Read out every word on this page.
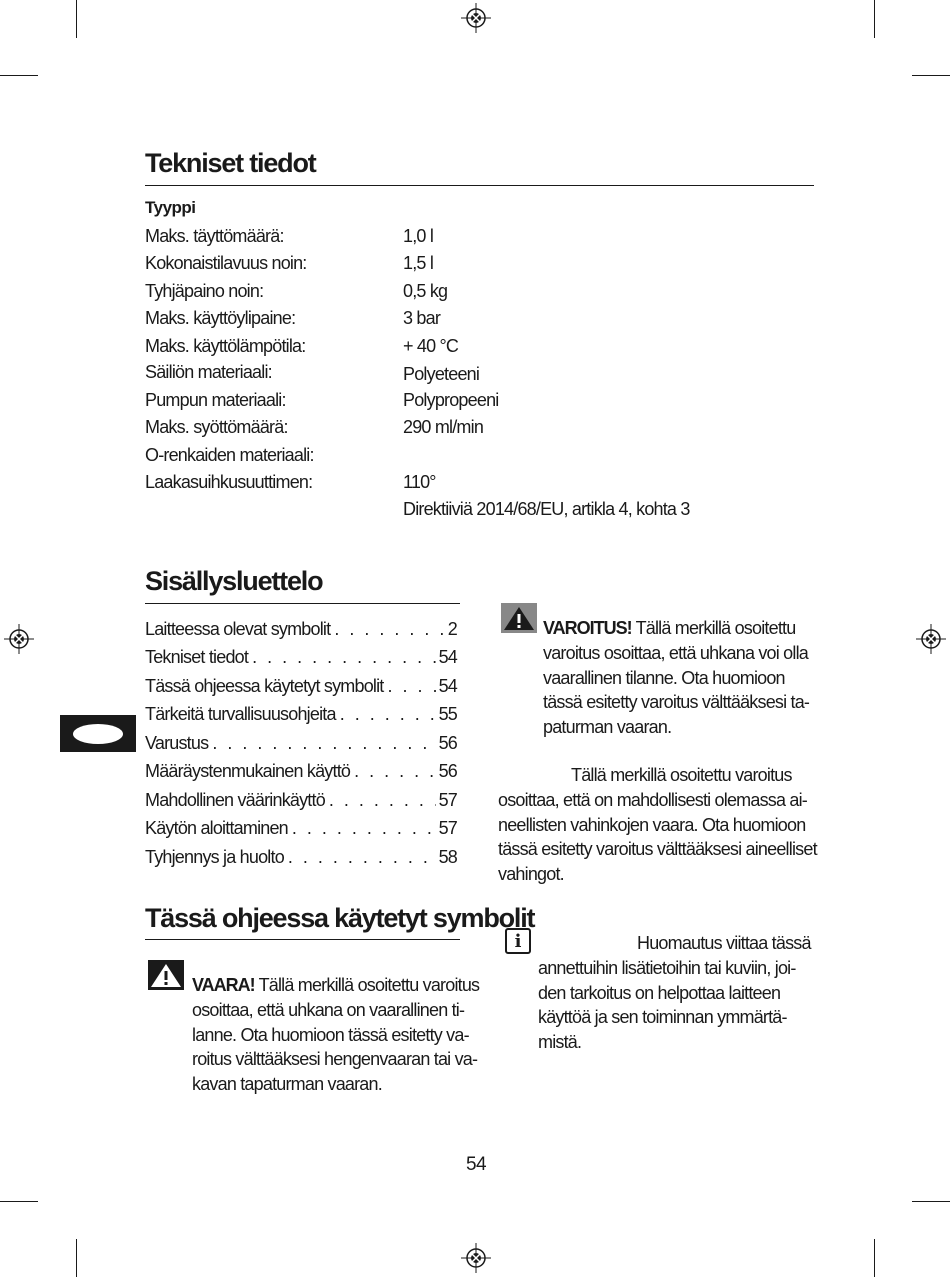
Tekniset tiedot
Tyyppi
Maks. täyttömäärä:	1,0 l
Kokonaistilavuus noin:	1,5 l
Tyhjäpaino noin:	0,5 kg
Maks. käyttöylipaine:	3 bar
Maks. käyttölämpötila:	+ 40 °C
Säiliön materiaali:	Polyeteeni
Pumpun materiaali:	Polypropeeni
Maks. syöttömäärä:	290 ml/min
O-renkaiden materiaali:
Laakasuihkusuuttimen:	110°
Direktiiviä 2014/68/EU, artikla 4, kohta 3
Sisällysluettelo
Laitteessa olevat symbolit . . .	2
Tekniset tiedot . . .	54
Tässä ohjeessa käytetyt symbolit . . .	54
Tärkeitä turvallisuusohjeita . . .	55
Varustus . . .	56
Määräystenmukainen käyttö . . .	56
Mahdollinen väärinkäyttö . . .	57
Käytön aloittaminen . . .	57
Tyhjennys ja huolto . . .	58
Tässä ohjeessa käytetyt symbolit
VAARA! Tällä merkillä osoitettu varoitus
osoittaa, että uhkana on vaarallinen ti-
lanne. Ota huomioon tässä esitetty va-
roitus välttääksesi hengenvaaran tai va-
kavan tapaturman vaaran.
VAROITUS! Tällä merkillä osoitettu
varoitus osoittaa, että uhkana voi olla
vaarallinen tilanne. Ota huomioon
tässä esitetty varoitus välttääksesi ta-
paturman vaaran.
Tällä merkillä osoitettu varoitus
osoittaa, että on mahdollisesti olemassa ai-
neellisten vahinkojen vaara. Ota huomioon
tässä esitetty varoitus välttääksesi aineelliset
vahingot.
i	Huomautus viittaa tässä
annettuihin lisätietoihin tai kuviin, joi-
den tarkoitus on helpottaa laitteen
käyttöä ja sen toiminnan ymmärtä-
mistä.
54
